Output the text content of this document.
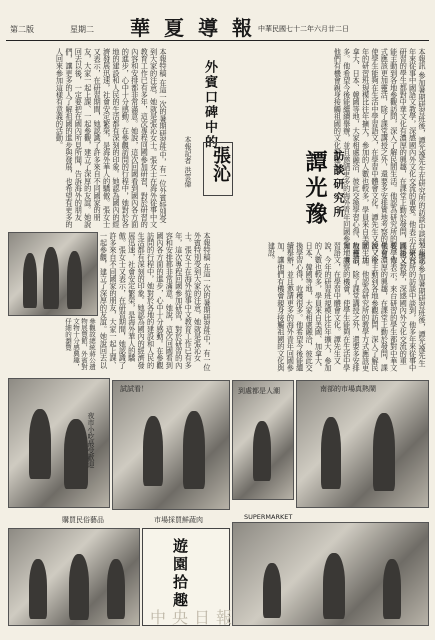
第二版	星期二 華夏導報
中華民國七十二年六月廿二日
本報訊 參加暑期研習班後，譚光豫先生在研究所的訪談中談到，他多年來從事中國語文教學，深感國內外文化交流的重要。他表示，來台研習的學生都對中華文化有濃厚的興趣，在課堂上勤於發問，課後又能主動到各地參觀訪問，深入了解民間生活。他認為研究所的教學方式應該更加靈活，除了課堂講授之外，還要多安排實地考察的機會，使學生能夠在生活中學習語文，在學習中體會文化。譚先生又說，今年的研習班規模比往年擴大，參加的人數也較多，學員來自美國、加拿大、日本、韓國等地，大家相處融洽，彼此交換學習心得，收穫很多。他希望今後能繼續舉辦，並且邀請更多的海外青年回國參加，讓他們有機會親身接觸祖國的文化與建設。
本報訊 參加暑期研習班後，譚光豫先生在研究所的訪談中談到，他多年來從事中國語文教學，深感國內外文化交流的重要。他表示，來台研習的學生都對中華文化有濃厚的興趣，在課堂上勤於發問，課後又能主動到各地參觀訪問，深入了解民間生活。他認為研究所的教學方式應該更加靈活，除了課堂講授之外，還要多安排實地考察的機會，使學生能夠在生活中學習語文，在學習中體會文化。譚先生又說，今年的研習班規模比往年擴大，參加的人數也較多，學員來自美國、加拿大、日本、韓國等地，大家相處融洽，彼此交換學習心得，收穫很多。他希望今後能繼續舉辦，並且邀請更多的海外青年回國參加，讓他們有機會親身接觸祖國的文化與建設。
訪談研究所
譚光豫
本報特稿 在這一次的暑期研習班中，有一位外賓特別受到大家的注意，她就是張沁女士。張女士在海外從事中文教育工作已有多年，這次專程回國參加研習，對於研習的內容和安排都非常滿意。她說，這次回國看到國內各方面的進步，心中十分感動。在參觀訪問的行程中，她對於各地的建設和人民的生活都有深刻的印象。她認為國內的經濟發展迅速，社會安定繁榮，是海外華人的驕傲。張女士又表示，在研習期間，她認識了許多來自不同國家的朋友，大家一起上課、一起參觀，建立了深厚的友誼。她說回去以後，一定要把在國內所見所聞，告訴海外的朋友們，讓更多的人了解祖國的進步與發展，也希望有更多的人回來參加這樣有意義的活動。
本報特稿 在這一次的暑期研習班中，有一位外賓特別受到大家的注意，她就是張沁女士。張女士在海外從事中文教育工作已有多年，這次專程回國參加研習，對於研習的內容和安排都非常滿意。她說，這次回國看到國內各方面的進步，心中十分感動。在參觀訪問的行程中，她對於各地的建設和人民的生活都有深刻的印象。她認為國內的經濟發展迅速，社會安定繁榮，是海外華人的驕傲。張女士又表示，在研習期間，她認識了許多來自不同國家的朋友，大家一起上課、一起參觀，建立了深厚的友誼。她說回去以
外賓口碑中的
張沁
本報記者 洪雲偉
參觀故總統蔣公遺物展覽館，外賓對文物十分感興趣，仔細的瀏覽
夜市小吃最受歡迎
試試看！	到處都是人潮	南部的市場真熱鬧
購買民俗藝品	市場採買鮮蔬肉
遊園拾趣
SUPERMARKET
中央日報
